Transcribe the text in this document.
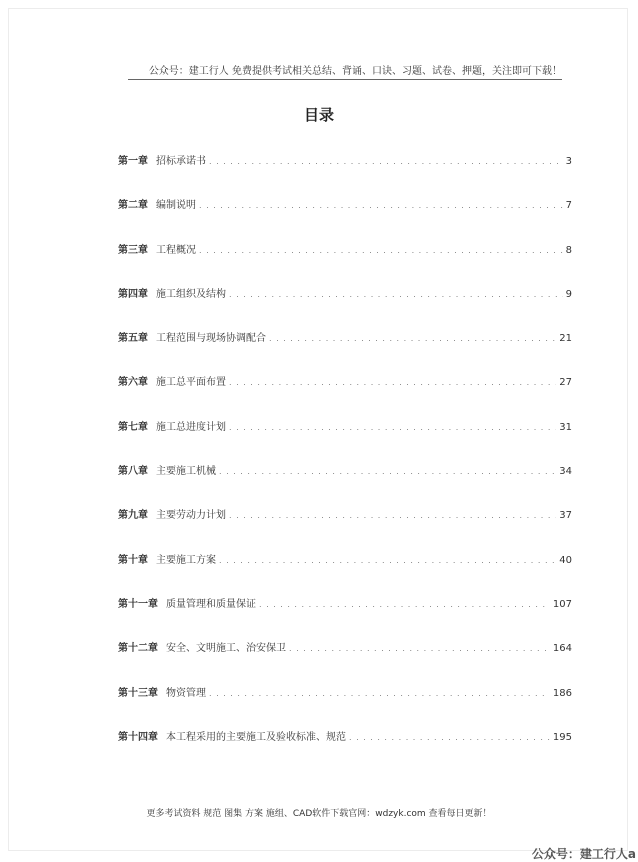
公众号：建工行人 免费提供考试相关总结、背诵、口诀、习题、试卷、押题，关注即可下载！
目录
第一章 招标承诺书 . . .	3
第二章 编制说明 . . .	7
第三章 工程概况 . . .	8
第四章 施工组织及结构 . . .	9
第五章 工程范围与现场协调配合 . . .	21
第六章 施工总平面布置 . . .	27
第七章 施工总进度计划 . . .	31
第八章 主要施工机械 . . .	34
第九章 主要劳动力计划 . . .	37
第十章 主要施工方案 . . .	40
第十一章 质量管理和质量保证 . . .	107
第十二章 安全、文明施工、治安保卫 . . .	164
第十三章 物资管理 . . .	186
第十四章 本工程采用的主要施工及验收标准、规范 . . .	195
更多考试资料 规范 图集 方案 施组、CAD软件下载官网：wdzyk.com 查看每日更新！
公众号：建工行人a
